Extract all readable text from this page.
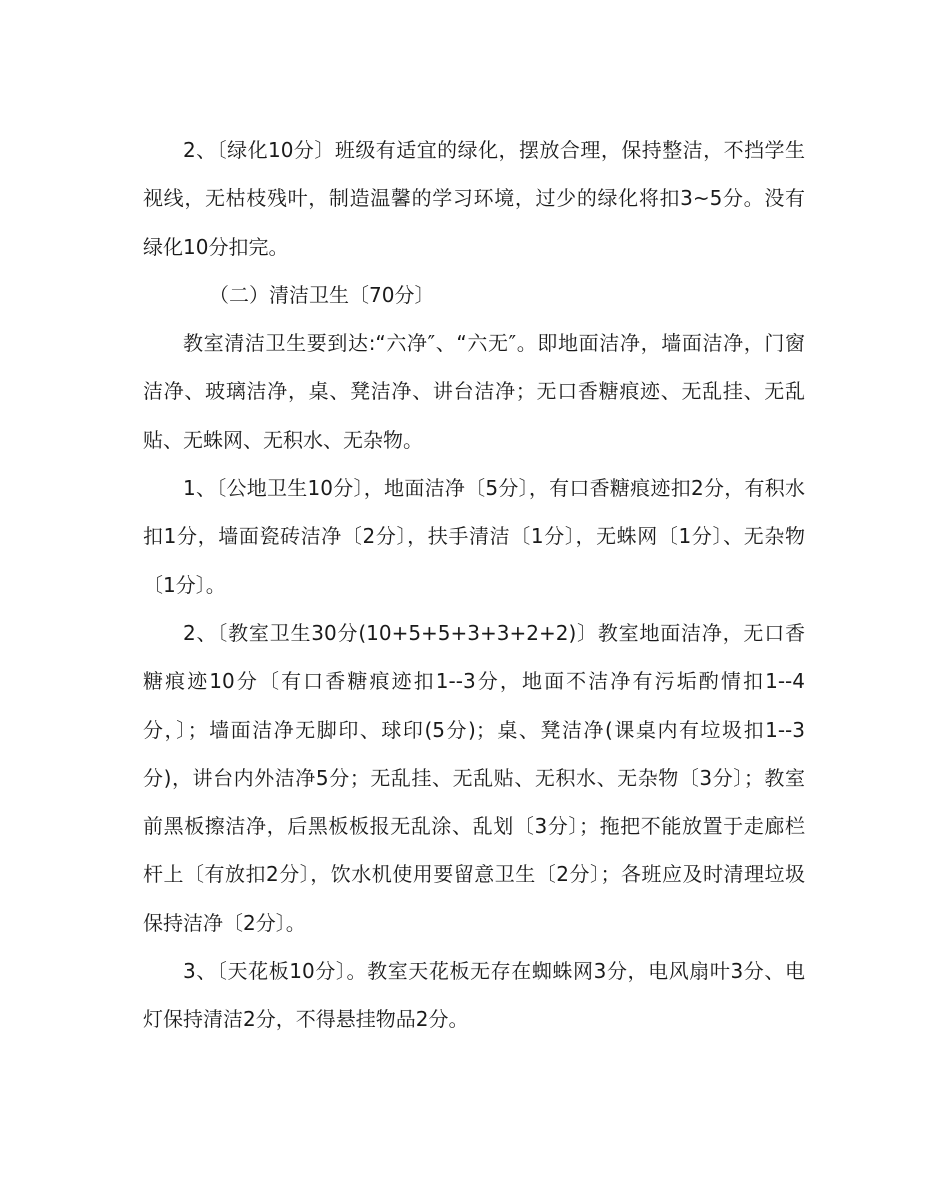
2、〔绿化10分〕班级有适宜的绿化，摆放合理，保持整洁，不挡学生视线，无枯枝残叶，制造温馨的学习环境，过少的绿化将扣3~5分。没有绿化10分扣完。

（二）清洁卫生〔70分〕

教室清洁卫生要到达:“六净″、“六无″。即地面洁净，墙面洁净，门窗洁净、玻璃洁净，桌、凳洁净、讲台洁净；无口香糖痕迹、无乱挂、无乱贴、无蛛网、无积水、无杂物。

1、〔公地卫生10分〕，地面洁净〔5分〕，有口香糖痕迹扣2分，有积水扣1分，墙面瓷砖洁净〔2分〕，扶手清洁〔1分〕，无蛛网〔1分〕、无杂物〔1分〕。

2、〔教室卫生30分(10+5+5+3+3+2+2)〕教室地面洁净，无口香糖痕迹10分〔有口香糖痕迹扣1--3分，地面不洁净有污垢酌情扣1--4分，〕；墙面洁净无脚印、球印(5分)；桌、凳洁净(课桌内有垃圾扣1--3分)，讲台内外洁净5分；无乱挂、无乱贴、无积水、无杂物〔3分〕；教室前黑板擦洁净，后黑板板报无乱涂、乱划〔3分〕；拖把不能放置于走廊栏杆上〔有放扣2分〕，饮水机使用要留意卫生〔2分〕；各班应及时清理垃圾保持洁净〔2分〕。

3、〔天花板10分〕。教室天花板无存在蜘蛛网3分，电风扇叶3分、电灯保持清洁2分，不得悬挂物品2分。
